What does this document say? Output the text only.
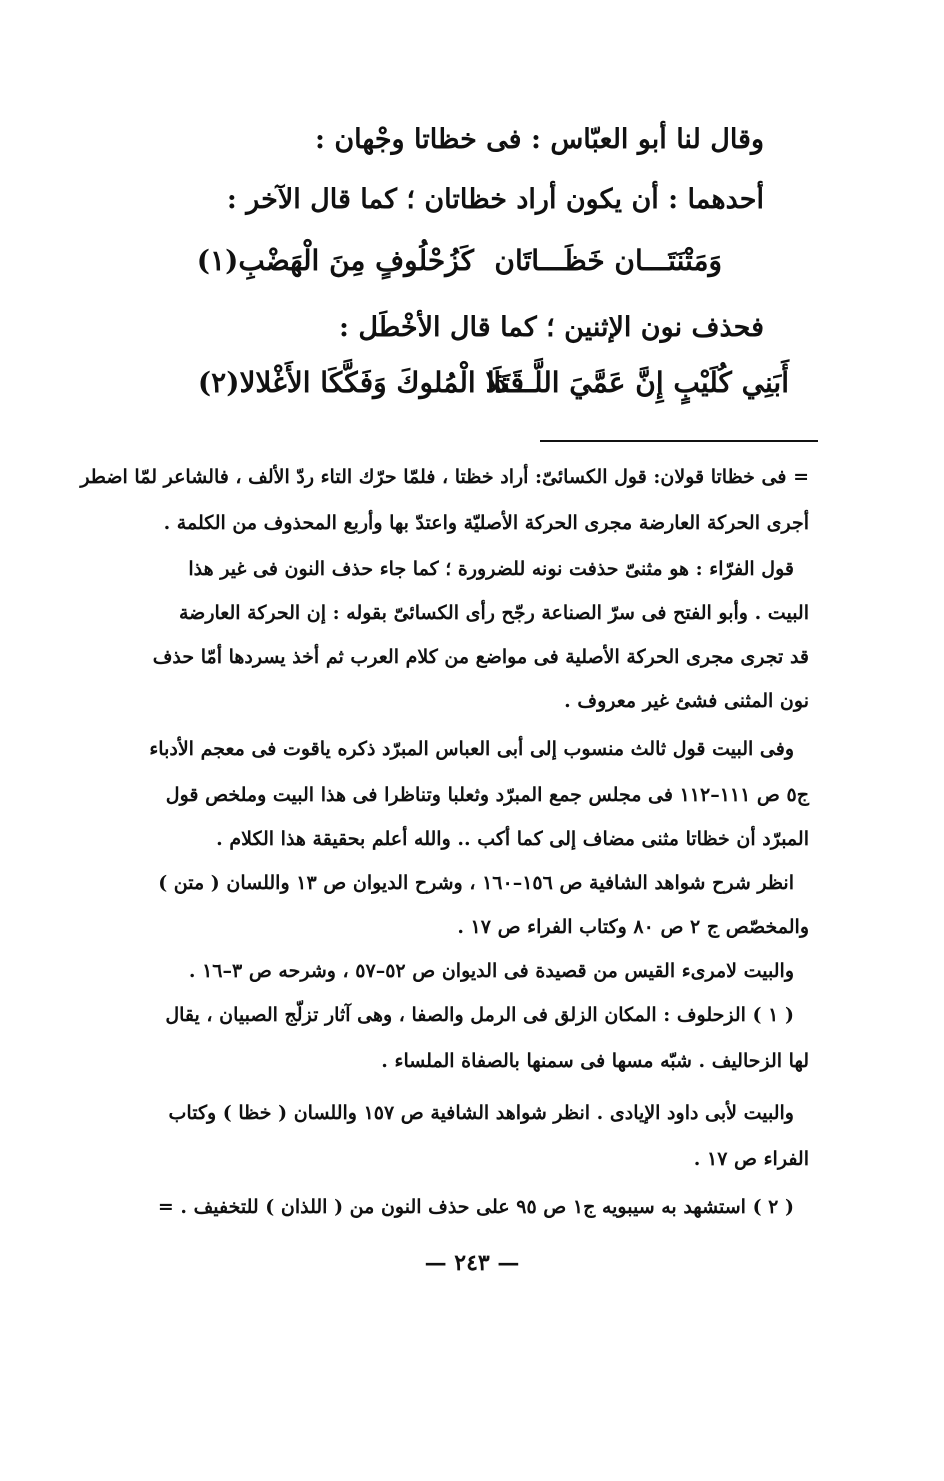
وقال لنا أبو العبّاس : فى خظاتا وجْهان :
أحدهما : أن يكون أراد خظاتان ؛ كما قال الآخر :
وَمَتْنَتَـــان خَظَـــاتَان
كَزُحْلُوفٍ مِنَ الْهَضْبِ(١)
فحذف نون الإثنين ؛ كما قال الأخْطَل :
أَبَنِي كُلَيْبٍ إِنَّ عَمَّيَ اللَّـــذا
قَتَلَا الْمُلوكَ وَفَكَّكَا الأَغْلالا(٢)
= فى خظاتا قولان: قول الكسائىّ: أراد خظتا ، فلمّا حرّك التاء ردّ الألف ، فالشاعر لمّا اضطر
أجرى الحركة العارضة مجرى الحركة الأصليّة واعتدّ بها وأربع المحذوف من الكلمة .
قول الفرّاء : هو مثنىّ حذفت نونه للضرورة ؛ كما جاء حذف النون فى غير هذا
البيت . وأبو الفتح فى سرّ الصناعة رجّح رأى الكسائىّ بقوله : إن الحركة العارضة
قد تجرى مجرى الحركة الأصلية فى مواضع من كلام العرب ثم أخذ يسردها أمّا حذف
نون المثنى فشئ غير معروف .
وفى البيت قول ثالث منسوب إلى أبى العباس المبرّد ذكره ياقوت فى معجم الأدباء
ج٥ ص ١١١–١١٢ فى مجلس جمع المبرّد وثعلبا وتناظرا فى هذا البيت وملخص قول
المبرّد أن خظاتا مثنى مضاف إلى كما أكب .. والله أعلم بحقيقة هذا الكلام .
انظر شرح شواهد الشافية ص ١٥٦–١٦٠ ، وشرح الديوان ص ١٣ واللسان ( متن )
والمخصّص ج ٢ ص ٨٠ وكتاب الفراء ص ١٧ .
والبيت لامرىء القيس من قصيدة فى الديوان ص ٥٢–٥٧ ، وشرحه ص ٣–١٦ .
( ١ ) الزحلوف : المكان الزلق فى الرمل والصفا ، وهى آثار تزلّج الصبيان ، يقال
لها الزحاليف . شبّه مسها فى سمنها بالصفاة الملساء .
والبيت لأبى داود الإيادى . انظر شواهد الشافية ص ١٥٧ واللسان ( خظا ) وكتاب
الفراء ص ١٧ .
( ٢ ) استشهد به سيبويه ج١ ص ٩٥ على حذف النون من ( اللذان ) للتخفيف . =
— ٢٤٣ —
